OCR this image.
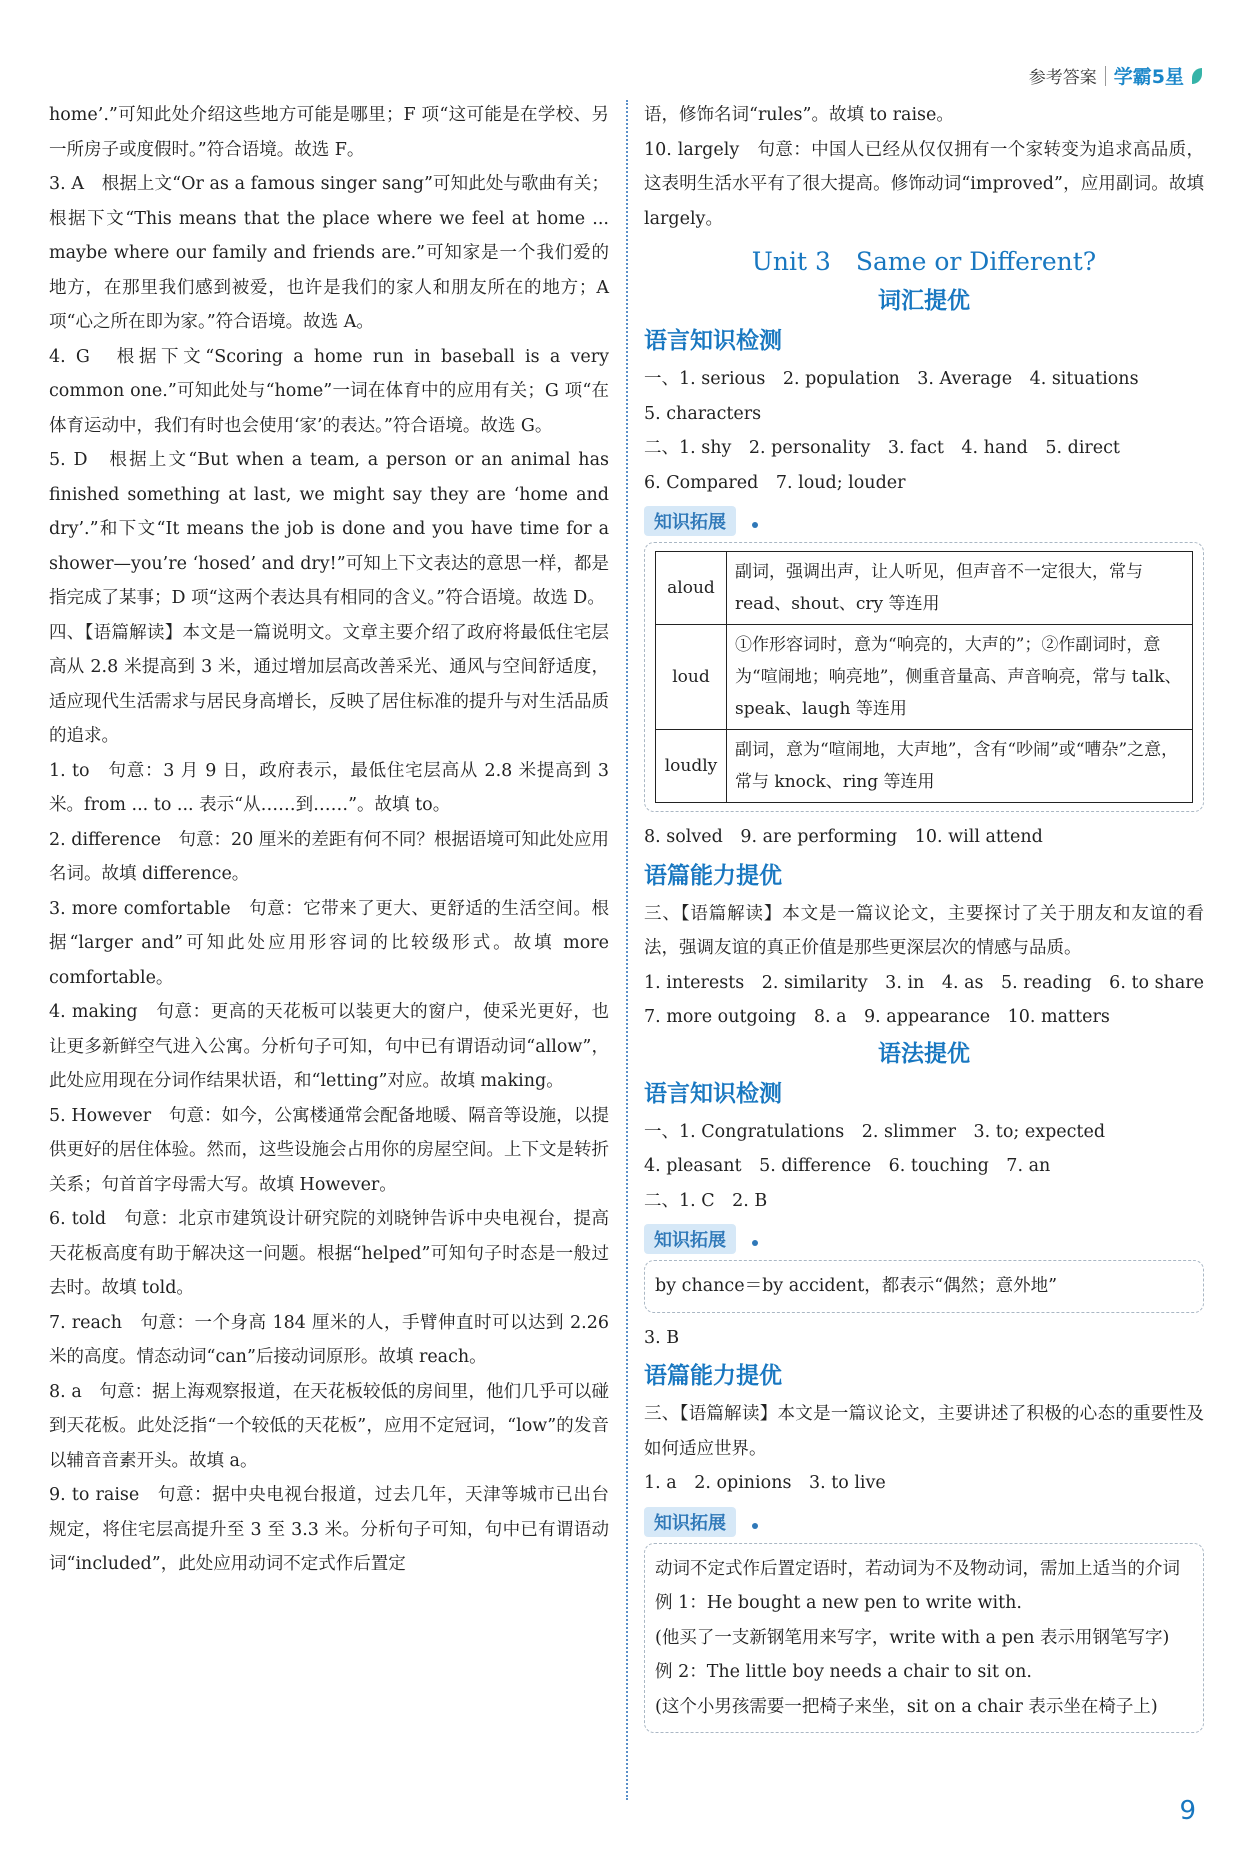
参考答案 学霸5星

home’.”可知此处介绍这些地方可能是哪里；F 项“这可能是在学校、另一所房子或度假时。”符合语境。故选 F。

3. A　根据上文“Or as a famous singer sang”可知此处与歌曲有关；根据下文“This means that the place where we feel at home ... maybe where our family and friends are.”可知家是一个我们爱的地方，在那里我们感到被爱，也许是我们的家人和朋友所在的地方；A 项“心之所在即为家。”符合语境。故选 A。

4. G　根据下文“Scoring a home run in baseball is a very common one.”可知此处与“home”一词在体育中的应用有关；G 项“在体育运动中，我们有时也会使用‘家’的表达。”符合语境。故选 G。

5. D　根据上文“But when a team, a person or an animal has finished something at last, we might say they are ‘home and dry’.”和下文“It means the job is done and you have time for a shower—you’re ‘hosed’ and dry!”可知上下文表达的意思一样，都是指完成了某事；D 项“这两个表达具有相同的含义。”符合语境。故选 D。

四、【语篇解读】本文是一篇说明文。文章主要介绍了政府将最低住宅层高从 2.8 米提高到 3 米，通过增加层高改善采光、通风与空间舒适度，适应现代生活需求与居民身高增长，反映了居住标准的提升与对生活品质的追求。

1. to　句意：3 月 9 日，政府表示，最低住宅层高从 2.8 米提高到 3 米。from ... to ... 表示“从……到……”。故填 to。

2. difference　句意：20 厘米的差距有何不同？根据语境可知此处应用名词。故填 difference。

3. more comfortable　句意：它带来了更大、更舒适的生活空间。根据“larger and”可知此处应用形容词的比较级形式。故填 more comfortable。

4. making　句意：更高的天花板可以装更大的窗户，使采光更好，也让更多新鲜空气进入公寓。分析句子可知，句中已有谓语动词“allow”，此处应用现在分词作结果状语，和“letting”对应。故填 making。

5. However　句意：如今，公寓楼通常会配备地暖、隔音等设施，以提供更好的居住体验。然而，这些设施会占用你的房屋空间。上下文是转折关系；句首首字母需大写。故填 However。

6. told　句意：北京市建筑设计研究院的刘晓钟告诉中央电视台，提高天花板高度有助于解决这一问题。根据“helped”可知句子时态是一般过去时。故填 told。

7. reach　句意：一个身高 184 厘米的人，手臂伸直时可以达到 2.26 米的高度。情态动词“can”后接动词原形。故填 reach。

8. a　句意：据上海观察报道，在天花板较低的房间里，他们几乎可以碰到天花板。此处泛指“一个较低的天花板”，应用不定冠词，“low”的发音以辅音音素开头。故填 a。

9. to raise　句意：据中央电视台报道，过去几年，天津等城市已出台规定，将住宅层高提升至 3 至 3.3 米。分析句子可知，句中已有谓语动词“included”，此处应用动词不定式作后置定

语，修饰名词“rules”。故填 to raise。

10. largely　句意：中国人已经从仅仅拥有一个家转变为追求高品质，这表明生活水平有了很大提高。修饰动词“improved”，应用副词。故填 largely。

Unit 3　Same or Different?
词汇提优
语言知识检测

一、1. serious　2. population　3. Average　4. situations

5. characters

二、1. shy　2. personality　3. fact　4. hand　5. direct

6. Compared　7. loud; louder

知识拓展
aloud	副词，强调出声，让人听见，但声音不一定很大，常与 read、shout、cry 等连用
loud	①作形容词时，意为“响亮的，大声的”；②作副词时，意为“喧闹地；响亮地”，侧重音量高、声音响亮，常与 talk、speak、laugh 等连用
loudly	副词，意为“喧闹地，大声地”，含有“吵闹”或“嘈杂”之意，常与 knock、ring 等连用

8. solved　9. are performing　10. will attend

语篇能力提优

三、【语篇解读】本文是一篇议论文，主要探讨了关于朋友和友谊的看法，强调友谊的真正价值是那些更深层次的情感与品质。

1. interests　2. similarity　3. in　4. as　5. reading　6. to share　7. more outgoing　8. a　9. appearance　10. matters

语法提优
语言知识检测

一、1. Congratulations　2. slimmer　3. to; expected

4. pleasant　5. difference　6. touching　7. an

二、1. C　2. B

知识拓展

by chance＝by accident，都表示“偶然；意外地”

3. B

语篇能力提优

三、【语篇解读】本文是一篇议论文，主要讲述了积极的心态的重要性及如何适应世界。

1. a　2. opinions　3. to live

知识拓展

动词不定式作后置定语时，若动词为不及物动词，需加上适当的介词

例 1：He bought a new pen to write with.

(他买了一支新钢笔用来写字，write with a pen 表示用钢笔写字)

例 2：The little boy needs a chair to sit on.

(这个小男孩需要一把椅子来坐，sit on a chair 表示坐在椅子上)

9
